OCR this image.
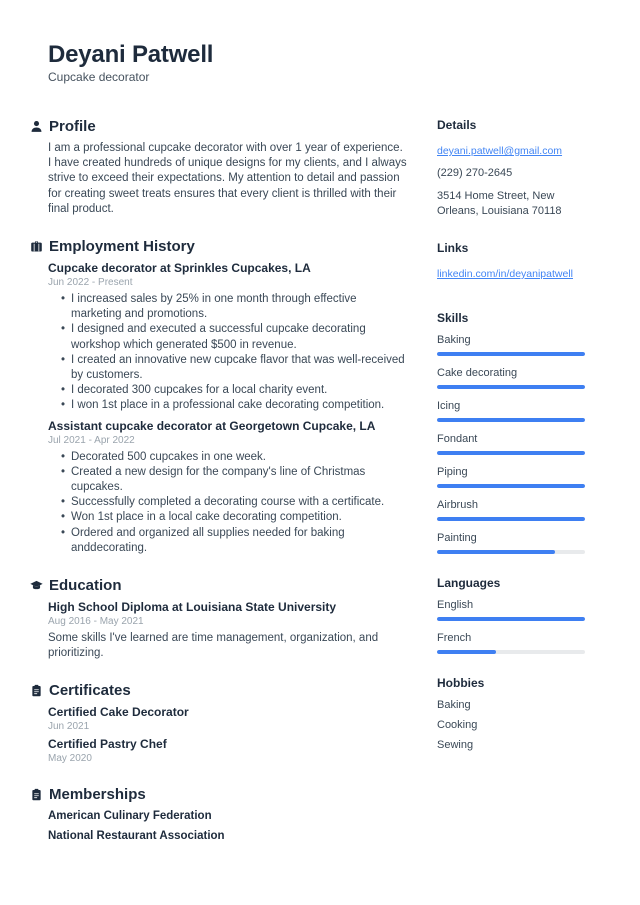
Deyani Patwell
Cupcake decorator
Profile

I am a professional cupcake decorator with over 1 year of experience. I have created hundreds of unique designs for my clients, and I always strive to exceed their expectations. My attention to detail and passion for creating sweet treats ensures that every client is thrilled with their final product.

Employment History
Cupcake decorator at Sprinkles Cupcakes, LA
Jun 2022 - Present
• I increased sales by 25% in one month through effective marketing and promotions.
• I designed and executed a successful cupcake decorating workshop which generated $500 in revenue.
• I created an innovative new cupcake flavor that was well-received by customers.
• I decorated 300 cupcakes for a local charity event.
• I won 1st place in a professional cake decorating competition.
Assistant cupcake decorator at Georgetown Cupcake, LA
Jul 2021 - Apr 2022
• Decorated 500 cupcakes in one week.
• Created a new design for the company's line of Christmas cupcakes.
• Successfully completed a decorating course with a certificate.
• Won 1st place in a local cake decorating competition.
• Ordered and organized all supplies needed for baking anddecorating.
Education
High School Diploma at Louisiana State University
Aug 2016 - May 2021

Some skills I've learned are time management, organization, and prioritizing.

Certificates
Certified Cake Decorator
Jun 2021
Certified Pastry Chef
May 2020
Memberships
American Culinary Federation
National Restaurant Association
Details
deyani.patwell@gmail.com

(229) 270-2645

3514 Home Street, New Orleans, Louisiana 70118

Links
linkedin.com/in/deyanipatwell
Skills
Baking
Cake decorating
Icing
Fondant
Piping
Airbrush
Painting
Languages
English
French
Hobbies
Baking
Cooking
Sewing
